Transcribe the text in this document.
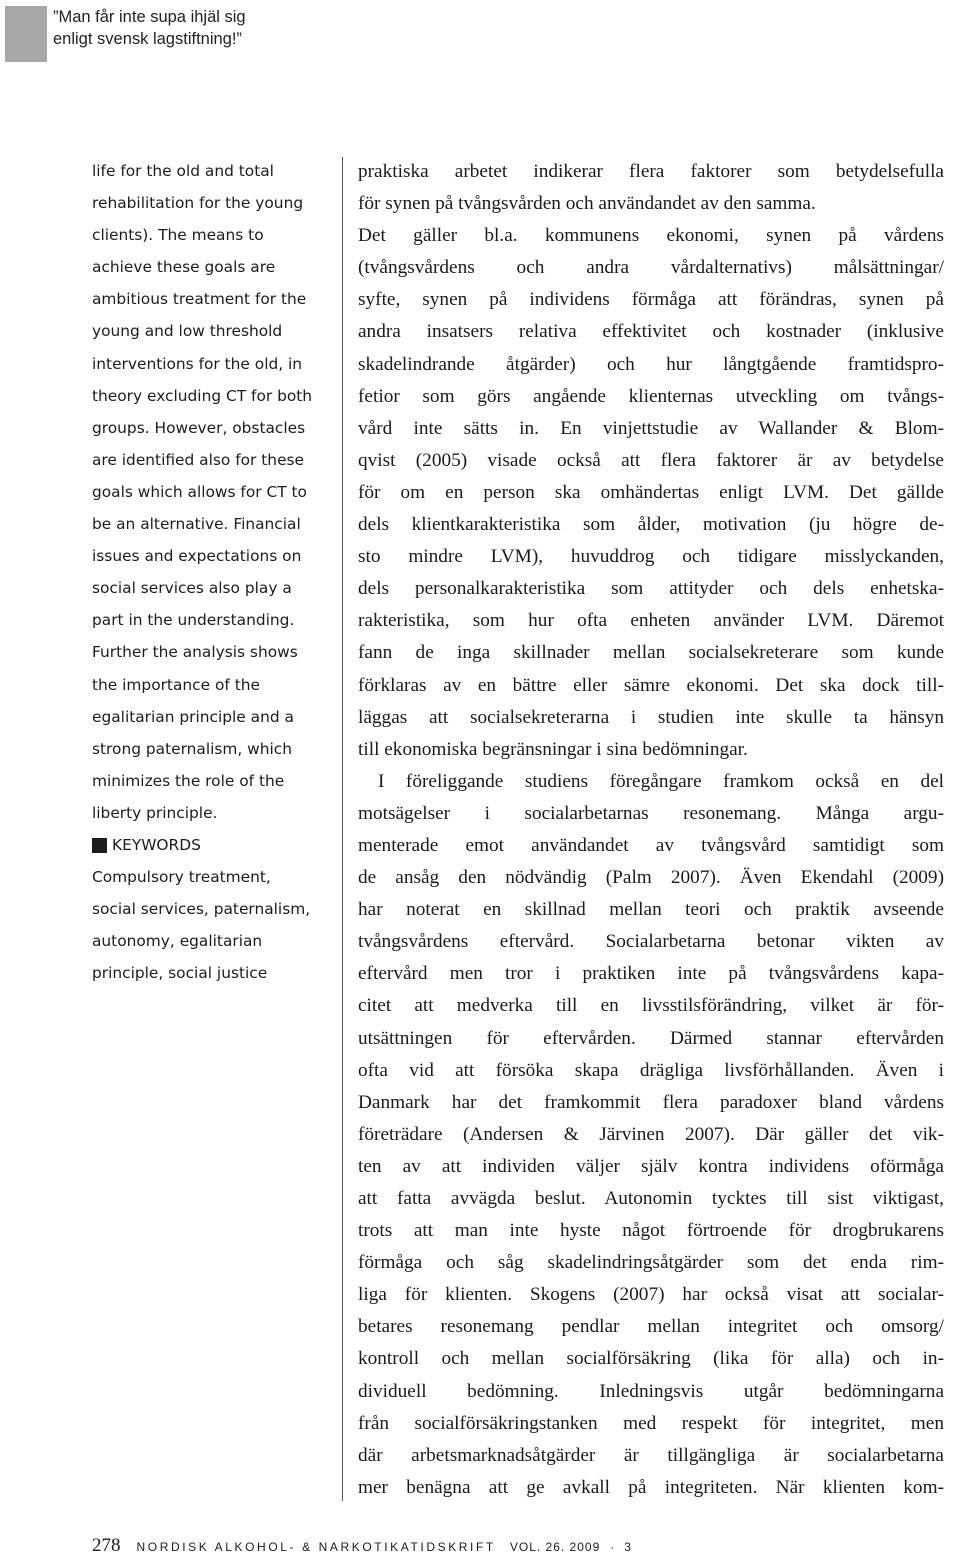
”Man får inte supa ihjäl sig
enligt svensk lagstiftning!”
life for the old and total
rehabilitation for the young
clients). The means to
achieve these goals are
ambitious treatment for the
young and low threshold
interventions for the old, in
theory excluding CT for both
groups. However, obstacles
are identified also for these
goals which allows for CT to
be an alternative. Financial
issues and expectations on
social services also play a
part in the understanding.
Further the analysis shows
the importance of the
egalitarian principle and a
strong paternalism, which
minimizes the role of the
liberty principle.
KEYWORDS
Compulsory treatment,
social services, paternalism,
autonomy, egalitarian
principle, social justice
praktiska arbetet indikerar flera faktorer som betydelsefulla
för synen på tvångsvården och användandet av den samma.
Det gäller bl.a. kommunens ekonomi, synen på vårdens
(tvångsvårdens och andra vårdalternativs) målsättningar/
syfte, synen på individens förmåga att förändras, synen på
andra insatsers relativa effektivitet och kostnader (inklusive
skadelindrande åtgärder) och hur långtgående framtidspro-
fetior som görs angående klienternas utveckling om tvångs-
vård inte sätts in. En vinjettstudie av Wallander & Blom-
qvist (2005) visade också att flera faktorer är av betydelse
för om en person ska omhändertas enligt LVM. Det gällde
dels klientkarakteristika som ålder, motivation (ju högre de-
sto mindre LVM), huvuddrog och tidigare misslyckanden,
dels personalkarakteristika som attityder och dels enhetska-
rakteristika, som hur ofta enheten använder LVM. Däremot
fann de inga skillnader mellan socialsekreterare som kunde
förklaras av en bättre eller sämre ekonomi. Det ska dock till-
läggas att socialsekreterarna i studien inte skulle ta hänsyn
till ekonomiska begränsningar i sina bedömningar.
I föreliggande studiens föregångare framkom också en del
motsägelser i socialarbetarnas resonemang. Många argu-
menterade emot användandet av tvångsvård samtidigt som
de ansåg den nödvändig (Palm 2007). Även Ekendahl (2009)
har noterat en skillnad mellan teori och praktik avseende
tvångsvårdens eftervård. Socialarbetarna betonar vikten av
eftervård men tror i praktiken inte på tvångsvårdens kapa-
citet att medverka till en livsstilsförändring, vilket är för-
utsättningen för eftervården. Därmed stannar eftervården
ofta vid att försöka skapa drägliga livsförhållanden. Även i
Danmark har det framkommit flera paradoxer bland vårdens
företrädare (Andersen & Järvinen 2007). Där gäller det vik-
ten av att individen väljer själv kontra individens oförmåga
att fatta avvägda beslut. Autonomin tycktes till sist viktigast,
trots att man inte hyste något förtroende för drogbrukarens
förmåga och såg skadelindringsåtgärder som det enda rim-
liga för klienten. Skogens (2007) har också visat att socialar-
betares resonemang pendlar mellan integritet och omsorg/
kontroll och mellan socialförsäkring (lika för alla) och in-
dividuell bedömning. Inledningsvis utgår bedömningarna
från socialförsäkringstanken med respekt för integritet, men
där arbetsmarknadsåtgärder är tillgängliga är socialarbetarna
mer benägna att ge avkall på integriteten. När klienten kom-
278 NORDISK ALKOHOL- & NARKOTIKATIDSKRIFT VOL. 26. 2009 · 3
